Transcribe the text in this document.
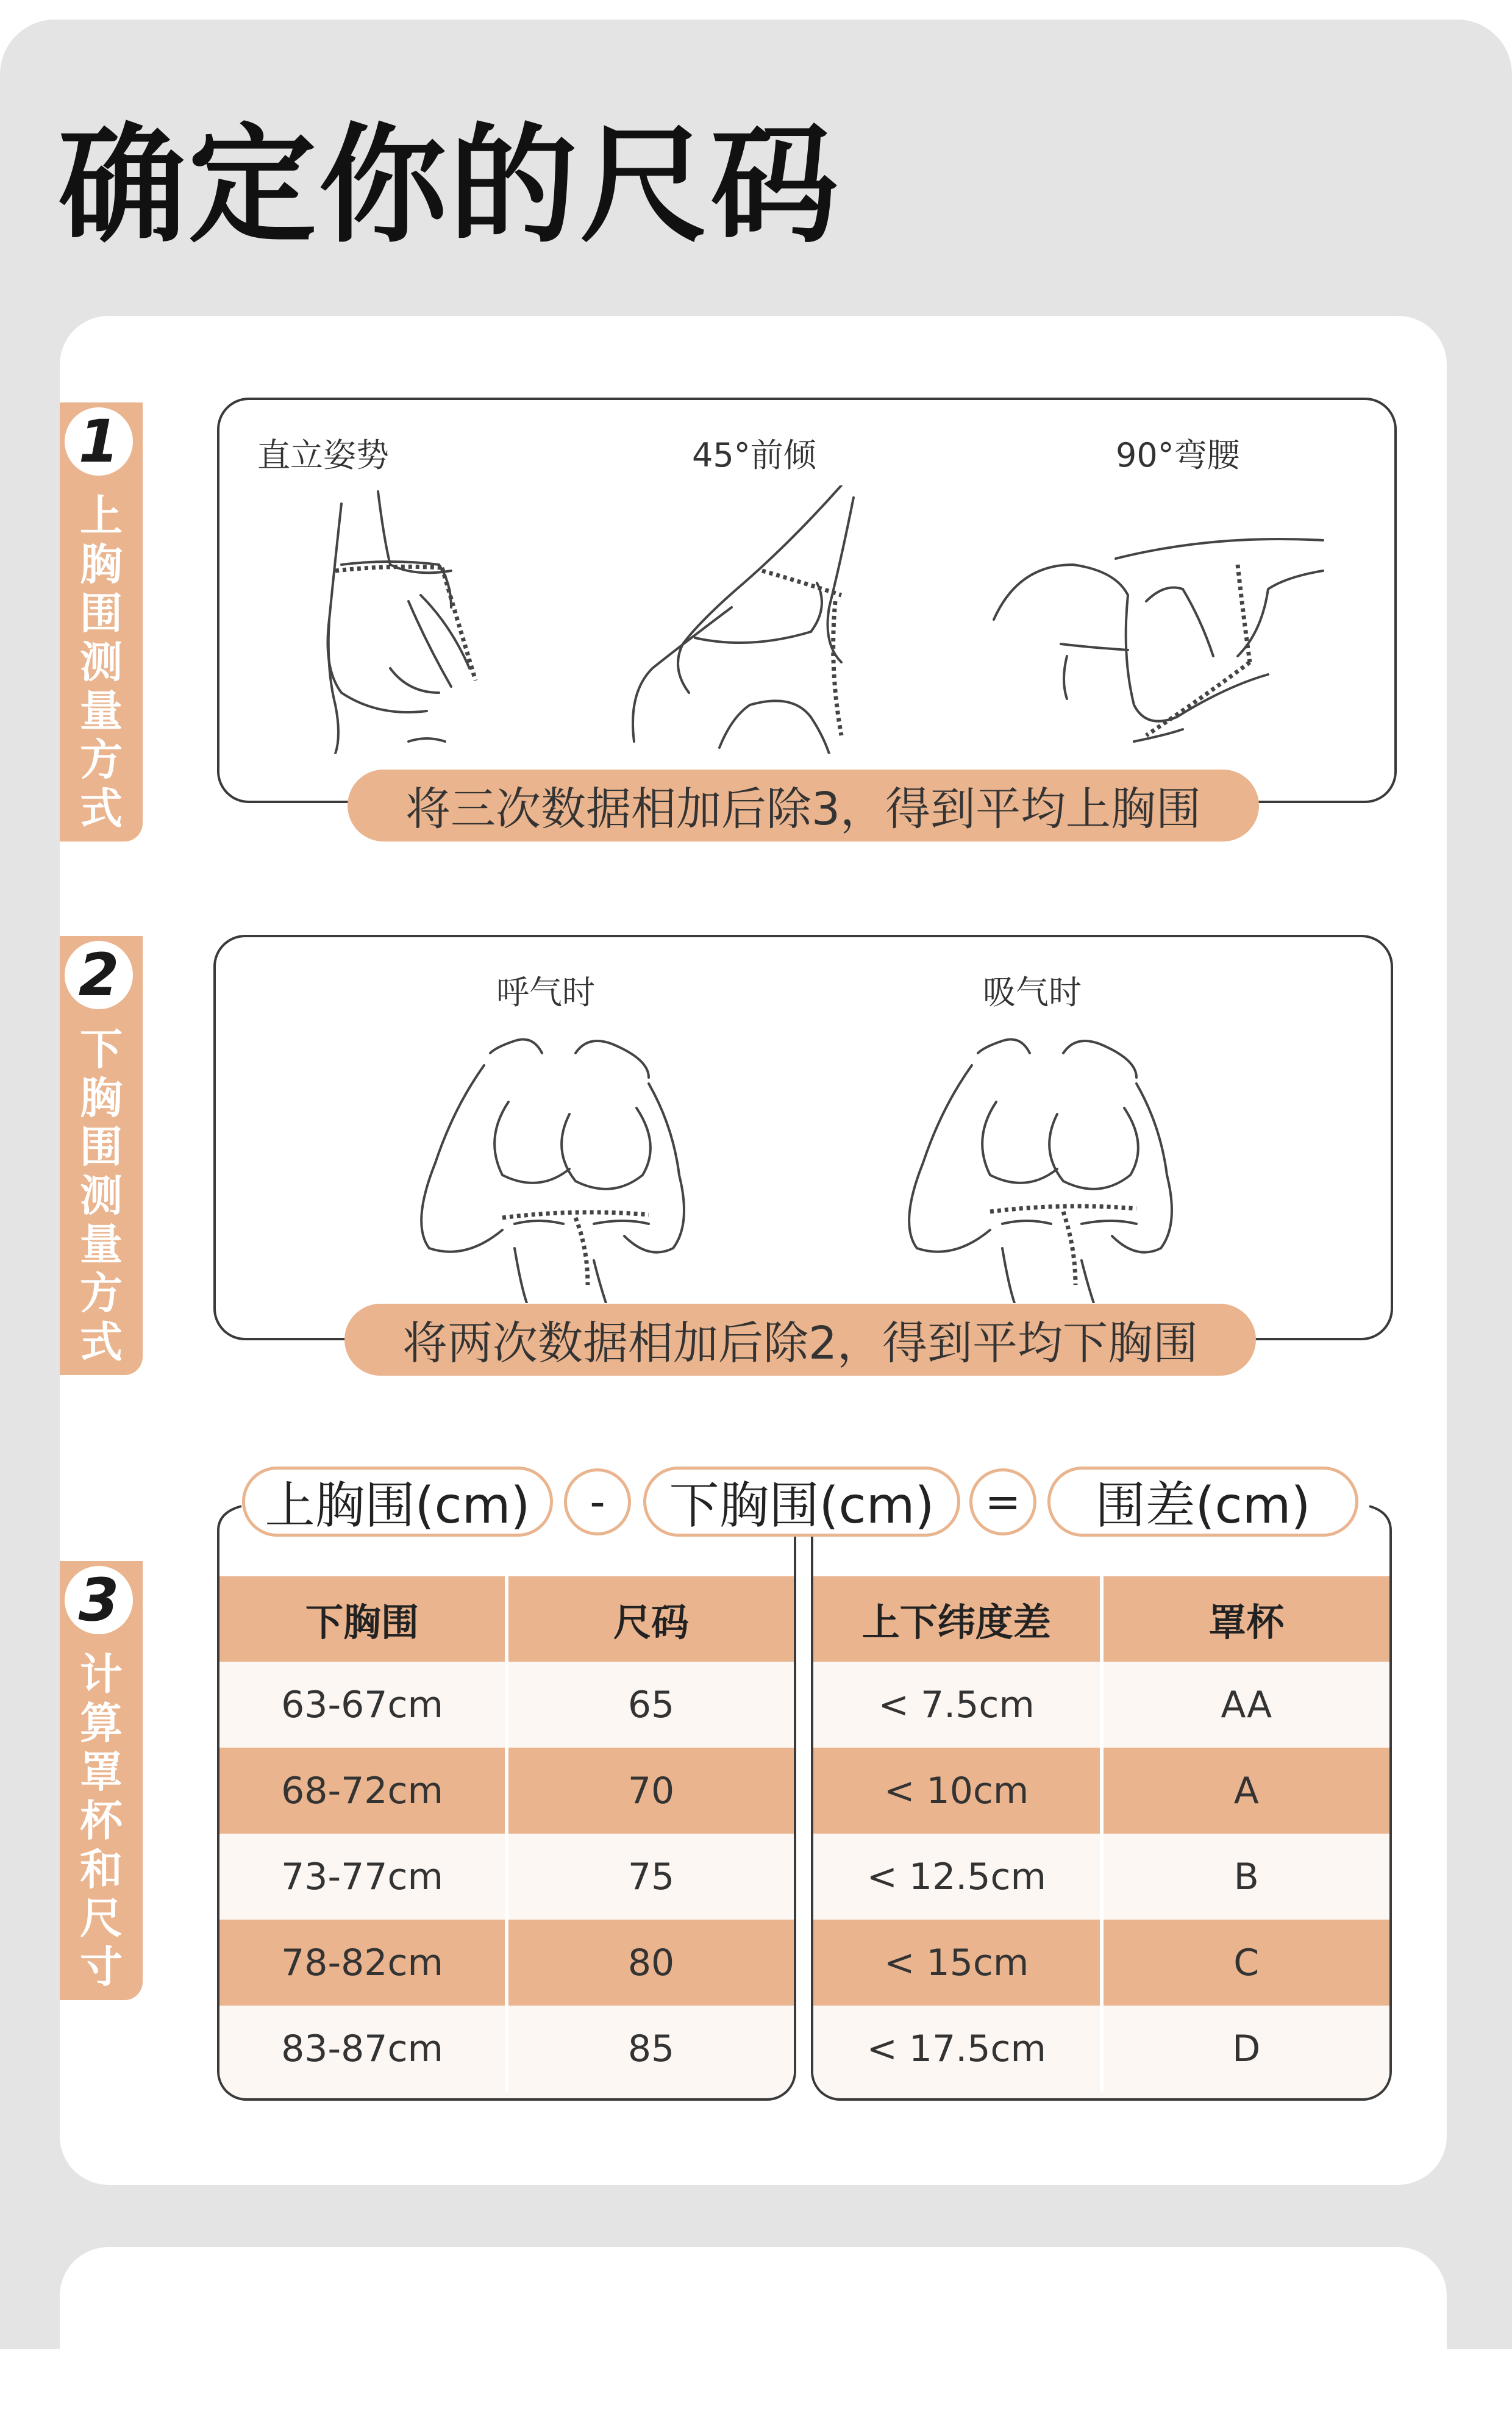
确定你的尺码
1
上胸围测量方式
直立姿势	45°前倾	90°弯腰
将三次数据相加后除3，得到平均上胸围
2
下胸围测量方式
呼气时	吸气时
将两次数据相加后除2，得到平均下胸围
3
计算罩杯和尺寸
上胸围(cm)	-	下胸围(cm)	=	围差(cm)
下胸围	尺码
63-67cm	65
68-72cm	70
73-77cm	75
78-82cm	80
83-87cm	85
上下纬度差	罩杯
< 7.5cm	AA
< 10cm	A
< 12.5cm	B
< 15cm	C
< 17.5cm	D
